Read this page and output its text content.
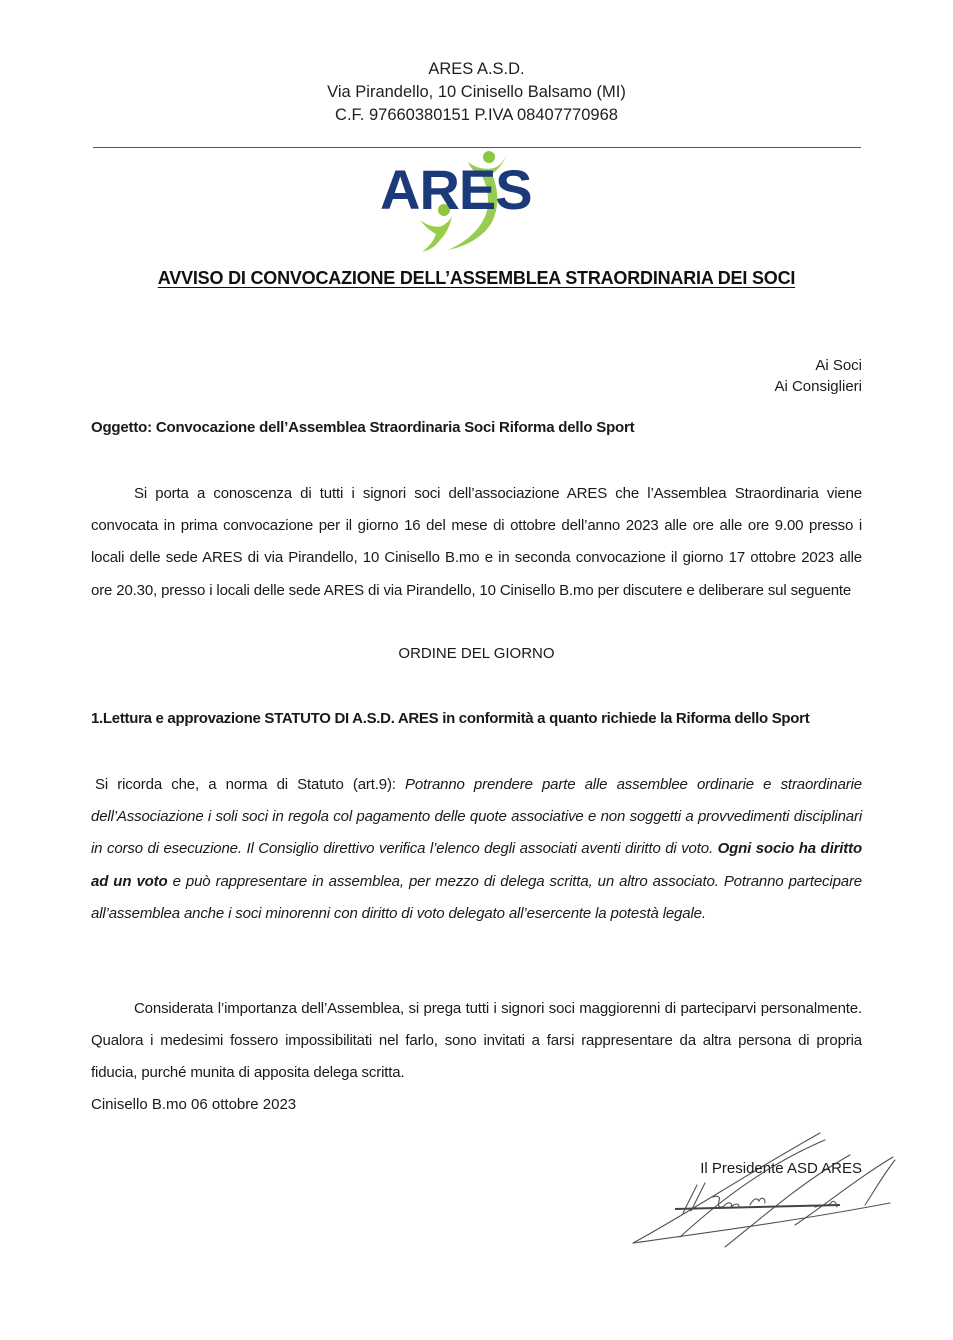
ARES A.S.D.
Via Pirandello, 10 Cinisello Balsamo (MI)
C.F. 97660380151 P.IVA 08407770968
ARES
AVVISO DI CONVOCAZIONE DELL’ASSEMBLEA STRAORDINARIA DEI SOCI
Ai Soci
Ai Consiglieri
Oggetto: Convocazione dell’Assemblea Straordinaria Soci Riforma dello Sport
Si porta a conoscenza di tutti i signori soci dell’associazione ARES che l’Assemblea Straordinaria viene convocata in prima convocazione per il giorno 16 del mese di ottobre dell’anno 2023 alle ore alle ore 9.00 presso i locali delle sede ARES di via Pirandello, 10 Cinisello B.mo e in seconda convocazione il giorno 17 ottobre 2023 alle ore 20.30, presso i locali delle sede ARES di via Pirandello, 10 Cinisello B.mo per discutere e deliberare sul seguente
ORDINE DEL GIORNO
1.Lettura e approvazione STATUTO DI A.S.D. ARES in conformità a quanto richiede la Riforma dello Sport
Si ricorda che, a norma di Statuto (art.9): Potranno prendere parte alle assemblee ordinarie e straordinarie dell’Associazione i soli soci in regola col pagamento delle quote associative e non soggetti a provvedimenti disciplinari in corso di esecuzione. Il Consiglio direttivo verifica l’elenco degli associati aventi diritto di voto. Ogni socio ha diritto ad un voto e può rappresentare in assemblea, per mezzo di delega scritta, un altro associato. Potranno partecipare all’assemblea anche i soci minorenni con diritto di voto delegato all’esercente la potestà legale.
Considerata l’importanza dell’Assemblea, si prega tutti i signori soci maggiorenni di parteciparvi personalmente. Qualora i medesimi fossero impossibilitati nel farlo, sono invitati a farsi rappresentare da altra persona di propria fiducia, purché munita di apposita delega scritta.
Cinisello B.mo 06 ottobre 2023
Il Presidente ASD ARES
